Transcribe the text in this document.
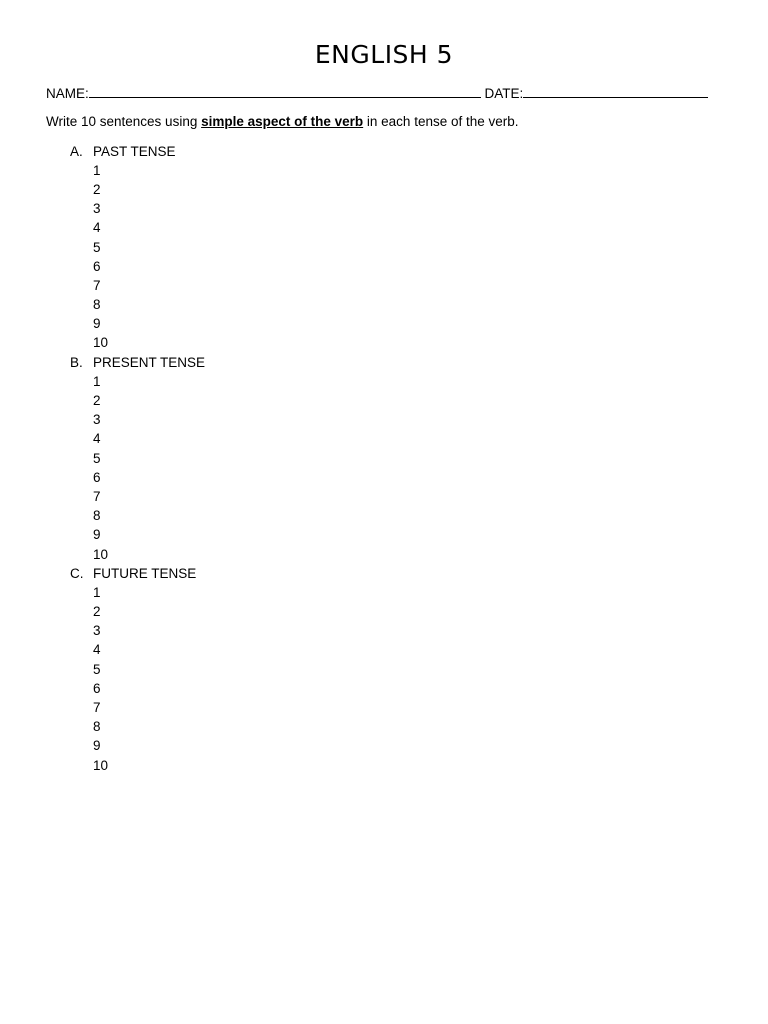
ENGLISH 5
NAME:	DATE:
Write 10 sentences using simple aspect of the verb in each tense of the verb.
A. PAST TENSE
1
2
3
4
5
6
7
8
9
10
B. PRESENT TENSE
1
2
3
4
5
6
7
8
9
10
C. FUTURE TENSE
1
2
3
4
5
6
7
8
9
10
